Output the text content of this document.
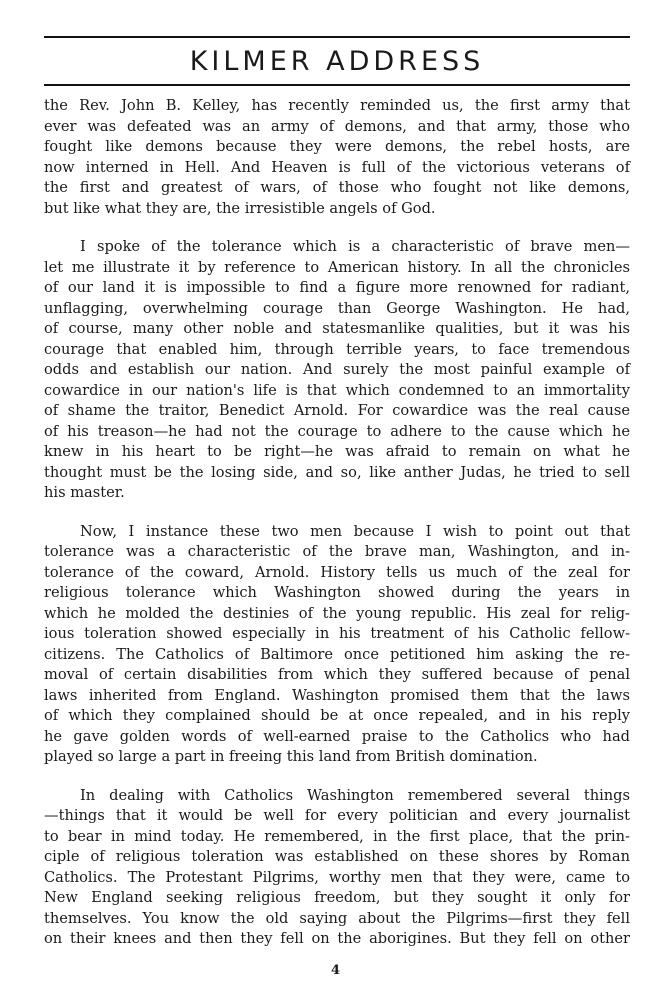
KILMER ADDRESS
the Rev. John B. Kelley, has recently reminded us, the first army that
ever was defeated was an army of demons, and that army, those who
fought like demons because they were demons, the rebel hosts, are
now interned in Hell. And Heaven is full of the victorious veterans of
the first and greatest of wars, of those who fought not like demons,
but like what they are, the irresistible angels of God.
I spoke of the tolerance which is a characteristic of brave men—
let me illustrate it by reference to American history. In all the chronicles
of our land it is impossible to find a figure more renowned for radiant,
unflagging, overwhelming courage than George Washington. He had,
of course, many other noble and statesmanlike qualities, but it was his
courage that enabled him, through terrible years, to face tremendous
odds and establish our nation. And surely the most painful example of
cowardice in our nation's life is that which condemned to an immortality
of shame the traitor, Benedict Arnold. For cowardice was the real cause
of his treason—he had not the courage to adhere to the cause which he
knew in his heart to be right—he was afraid to remain on what he
thought must be the losing side, and so, like anther Judas, he tried to sell
his master.
Now, I instance these two men because I wish to point out that
tolerance was a characteristic of the brave man, Washington, and in-
tolerance of the coward, Arnold. History tells us much of the zeal for
religious tolerance which Washington showed during the years in
which he molded the destinies of the young republic. His zeal for relig-
ious toleration showed especially in his treatment of his Catholic fellow-
citizens. The Catholics of Baltimore once petitioned him asking the re-
moval of certain disabilities from which they suffered because of penal
laws inherited from England. Washington promised them that the laws
of which they complained should be at once repealed, and in his reply
he gave golden words of well-earned praise to the Catholics who had
played so large a part in freeing this land from British domination.
In dealing with Catholics Washington remembered several things
—things that it would be well for every politician and every journalist
to bear in mind today. He remembered, in the first place, that the prin-
ciple of religious toleration was established on these shores by Roman
Catholics. The Protestant Pilgrims, worthy men that they were, came to
New England seeking religious freedom, but they sought it only for
themselves. You know the old saying about the Pilgrims—first they fell
on their knees and then they fell on the aborigines. But they fell on other
4
